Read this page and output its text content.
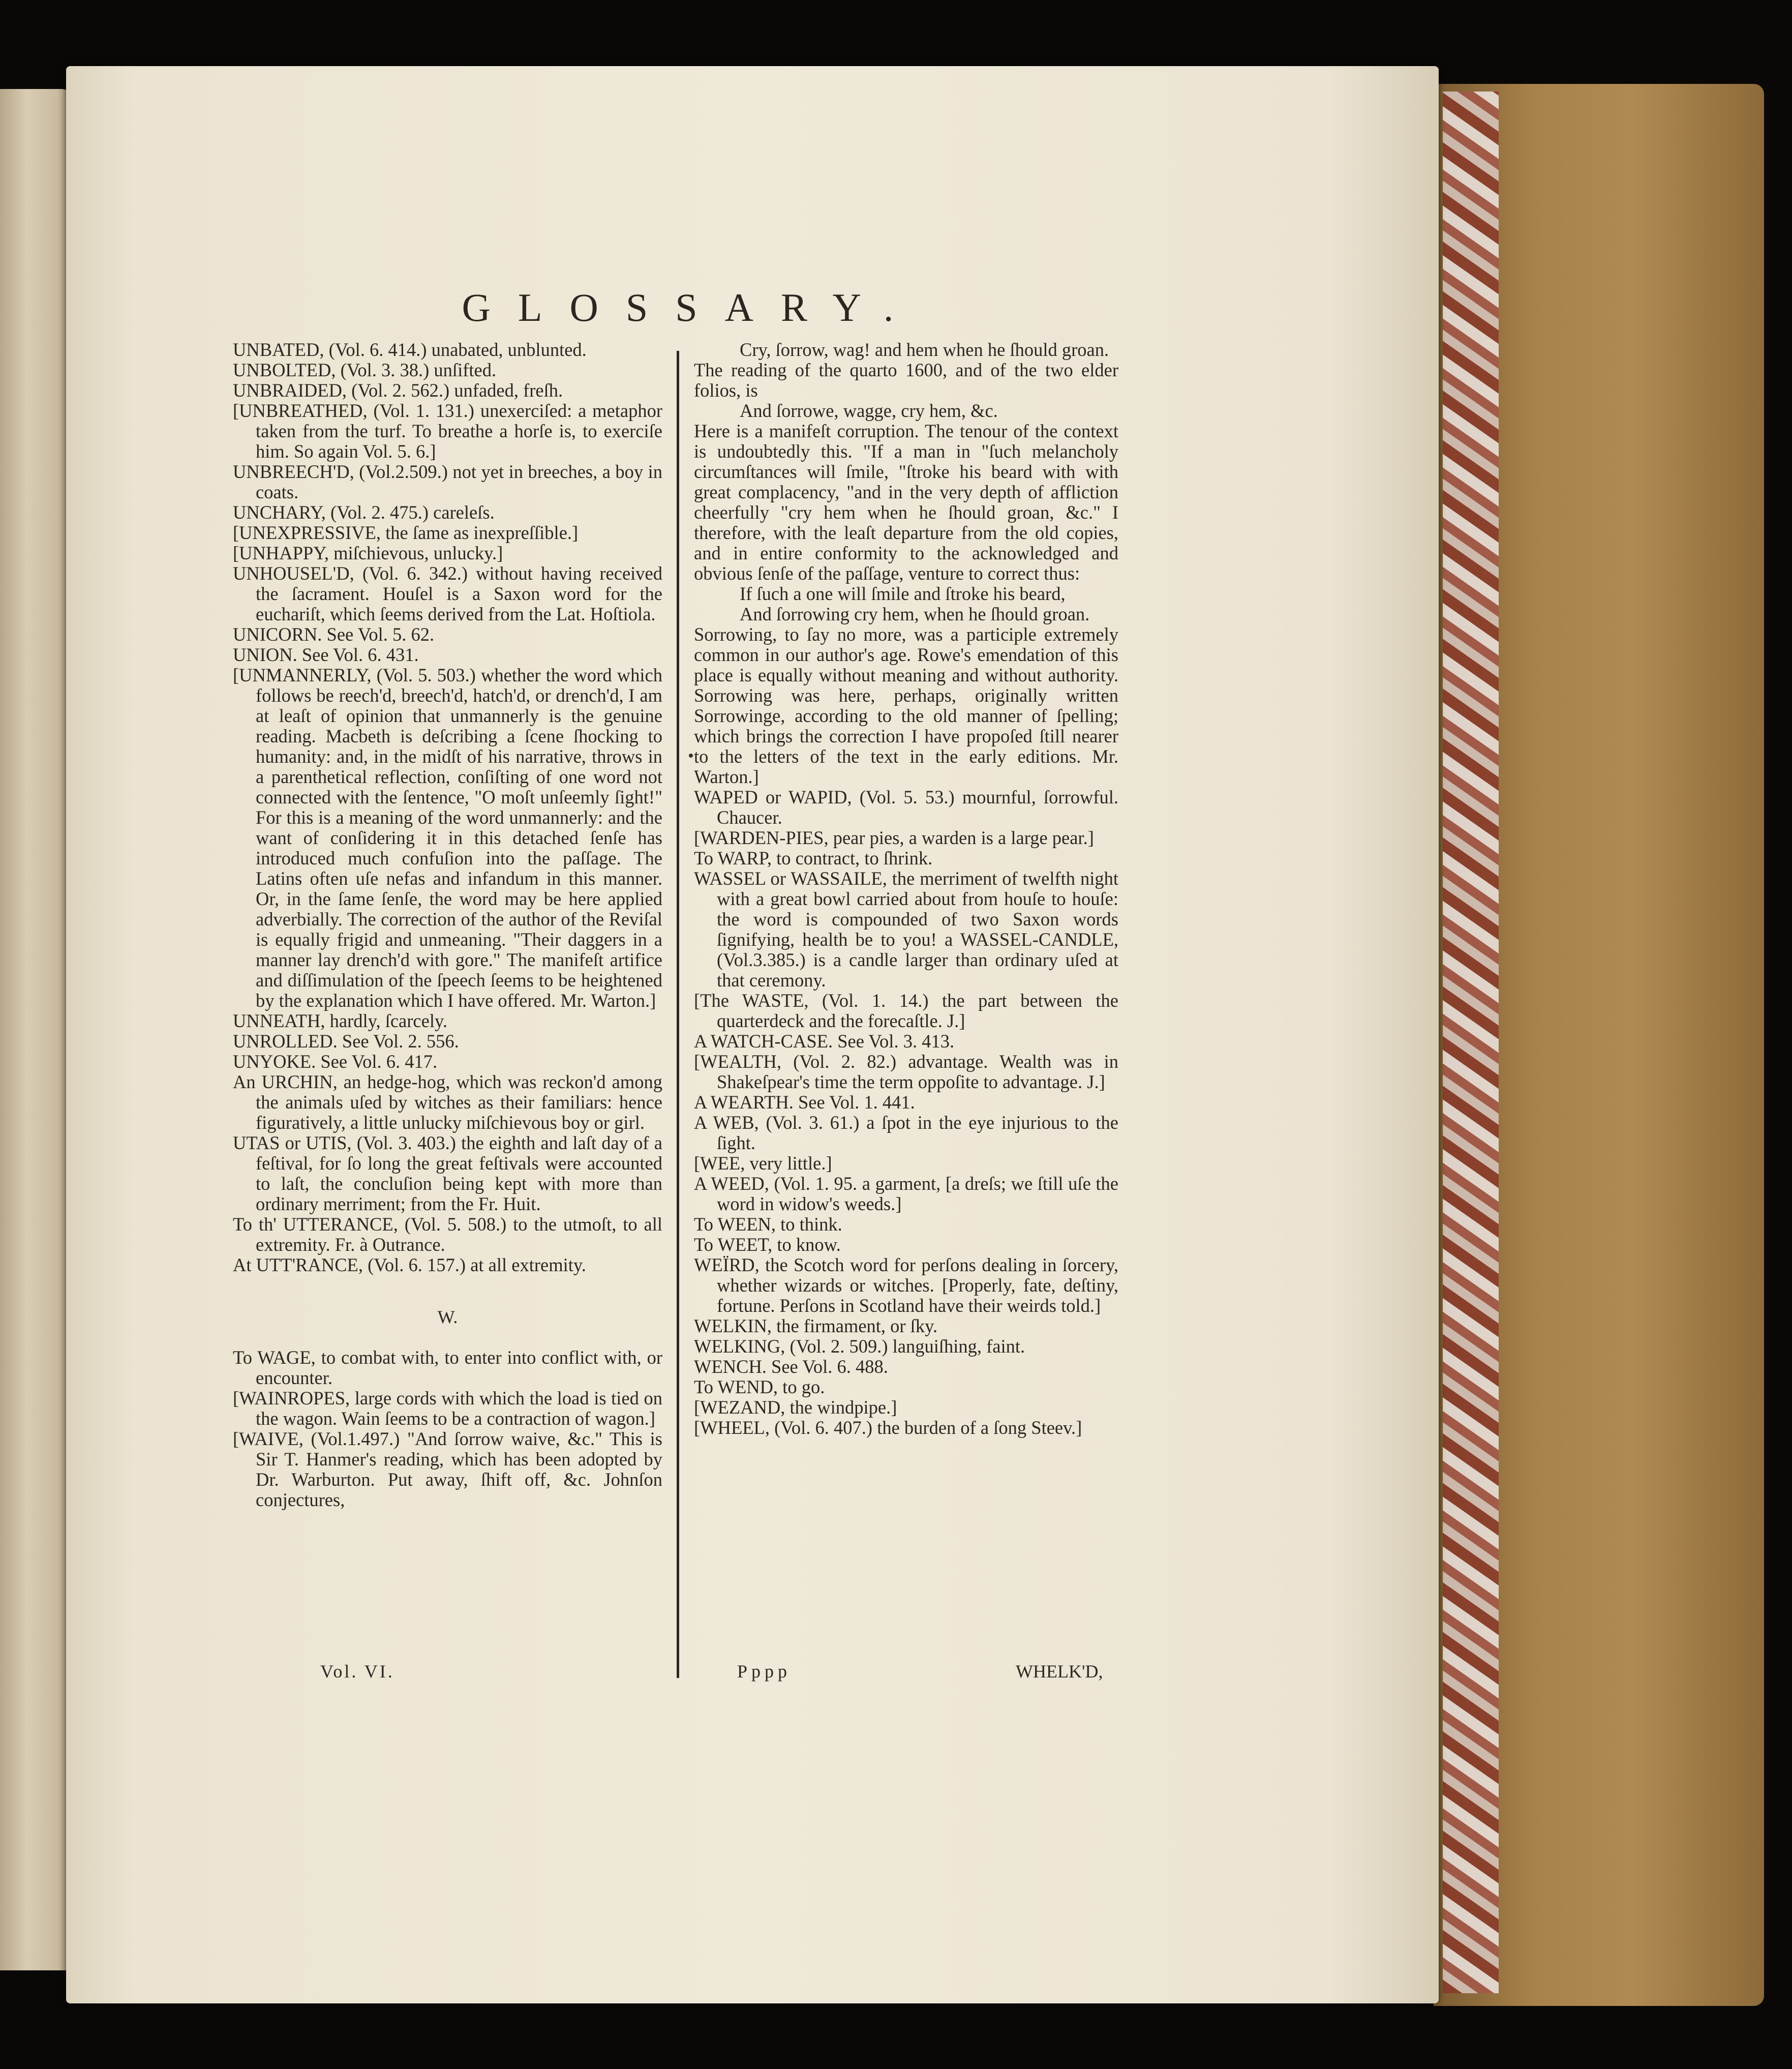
GLOSSARY.

UNBATED, (Vol. 6. 414.) unabated, unblunted.

UNBOLTED, (Vol. 3. 38.) unſifted.

UNBRAIDED, (Vol. 2. 562.) unfaded, freſh.

[UNBREATHED, (Vol. 1. 131.) unexerciſed: a metaphor taken from the turf. To breathe a horſe is, to exerciſe him. So again Vol. 5. 6.]

UNBREECH'D, (Vol.2.509.) not yet in breeches, a boy in coats.

UNCHARY, (Vol. 2. 475.) careleſs.

[UNEXPRESSIVE, the ſame as inexpreſſible.]

[UNHAPPY, miſchievous, unlucky.]

UNHOUSEL'D, (Vol. 6. 342.) without having received the ſacrament. Houſel is a Saxon word for the euchariſt, which ſeems derived from the Lat. Hoſtiola.

UNICORN. See Vol. 5. 62.

UNION. See Vol. 6. 431.

[UNMANNERLY, (Vol. 5. 503.) whether the word which follows be reech'd, breech'd, hatch'd, or drench'd, I am at leaſt of opinion that unmannerly is the genuine reading. Macbeth is deſcribing a ſcene ſhocking to humanity: and, in the midſt of his narrative, throws in a parenthetical reflection, conſiſting of one word not connected with the ſentence, "O moſt unſeemly ſight!" For this is a meaning of the word unmannerly: and the want of conſidering it in this detached ſenſe has introduced much confuſion into the paſſage. The Latins often uſe nefas and infandum in this manner. Or, in the ſame ſenſe, the word may be here applied adverbially. The correction of the author of the Reviſal is equally frigid and unmeaning. "Their daggers in a manner lay drench'd with gore." The manifeſt artifice and diſſimulation of the ſpeech ſeems to be heightened by the explanation which I have offered. Mr. Warton.]

UNNEATH, hardly, ſcarcely.

UNROLLED. See Vol. 2. 556.

UNYOKE. See Vol. 6. 417.

An URCHIN, an hedge-hog, which was reckon'd among the animals uſed by witches as their familiars: hence figuratively, a little unlucky miſchievous boy or girl.

UTAS or UTIS, (Vol. 3. 403.) the eighth and laſt day of a feſtival, for ſo long the great feſtivals were accounted to laſt, the concluſion being kept with more than ordinary merriment; from the Fr. Huit.

To th' UTTERANCE, (Vol. 5. 508.) to the utmoſt, to all extremity. Fr. à Outrance.

At UTT'RANCE, (Vol. 6. 157.) at all extremity.

W.

To WAGE, to combat with, to enter into conflict with, or encounter.

[WAINROPES, large cords with which the load is tied on the wagon. Wain ſeems to be a contraction of wagon.]

[WAIVE, (Vol.1.497.) "And ſorrow waive, &c." This is Sir T. Hanmer's reading, which has been adopted by Dr. Warburton. Put away, ſhift off, &c. Johnſon conjectures,

Cry, ſorrow, wag! and hem when he ſhould groan.

The reading of the quarto 1600, and of the two elder folios, is

And ſorrowe, wagge, cry hem, &c.

Here is a manifeſt corruption. The tenour of the context is undoubtedly this. "If a man in "ſuch melancholy circumſtances will ſmile, "ſtroke his beard with with great complacency, "and in the very depth of affliction cheerfully "cry hem when he ſhould groan, &c." I therefore, with the leaſt departure from the old copies, and in entire conformity to the acknowledged and obvious ſenſe of the paſſage, venture to correct thus:

If ſuch a one will ſmile and ſtroke his beard,

And ſorrowing cry hem, when he ſhould groan.

Sorrowing, to ſay no more, was a participle extremely common in our author's age. Rowe's emendation of this place is equally without meaning and without authority. Sorrowing was here, perhaps, originally written Sorrowinge, according to the old manner of ſpelling; which brings the correction I have propoſed ſtill nearer to the letters of the text in the early editions. Mr. Warton.]

WAPED or WAPID, (Vol. 5. 53.) mournful, ſorrowful. Chaucer.

[WARDEN-PIES, pear pies, a warden is a large pear.]

To WARP, to contract, to ſhrink.

WASSEL or WASSAILE, the merriment of twelfth night with a great bowl carried about from houſe to houſe: the word is compounded of two Saxon words ſignifying, health be to you! a WASSEL-CANDLE, (Vol.3.385.) is a candle larger than ordinary uſed at that ceremony.

[The WASTE, (Vol. 1. 14.) the part between the quarterdeck and the forecaſtle. J.]

A WATCH-CASE. See Vol. 3. 413.

[WEALTH, (Vol. 2. 82.) advantage. Wealth was in Shakeſpear's time the term oppoſite to advantage. J.]

A WEARTH. See Vol. 1. 441.

A WEB, (Vol. 3. 61.) a ſpot in the eye injurious to the ſight.

[WEE, very little.]

A WEED, (Vol. 1. 95. a garment, [a dreſs; we ſtill uſe the word in widow's weeds.]

To WEEN, to think.

To WEET, to know.

WEÏRD, the Scotch word for perſons dealing in ſorcery, whether wizards or witches. [Properly, fate, deſtiny, fortune. Perſons in Scotland have their weirds told.]

WELKIN, the firmament, or ſky.

WELKING, (Vol. 2. 509.) languiſhing, faint.

WENCH. See Vol. 6. 488.

To WEND, to go.

[WEZAND, the windpipe.]

[WHEEL, (Vol. 6. 407.) the burden of a ſong Steev.]

Vol. VI.	Pppp	WHELK'D,
